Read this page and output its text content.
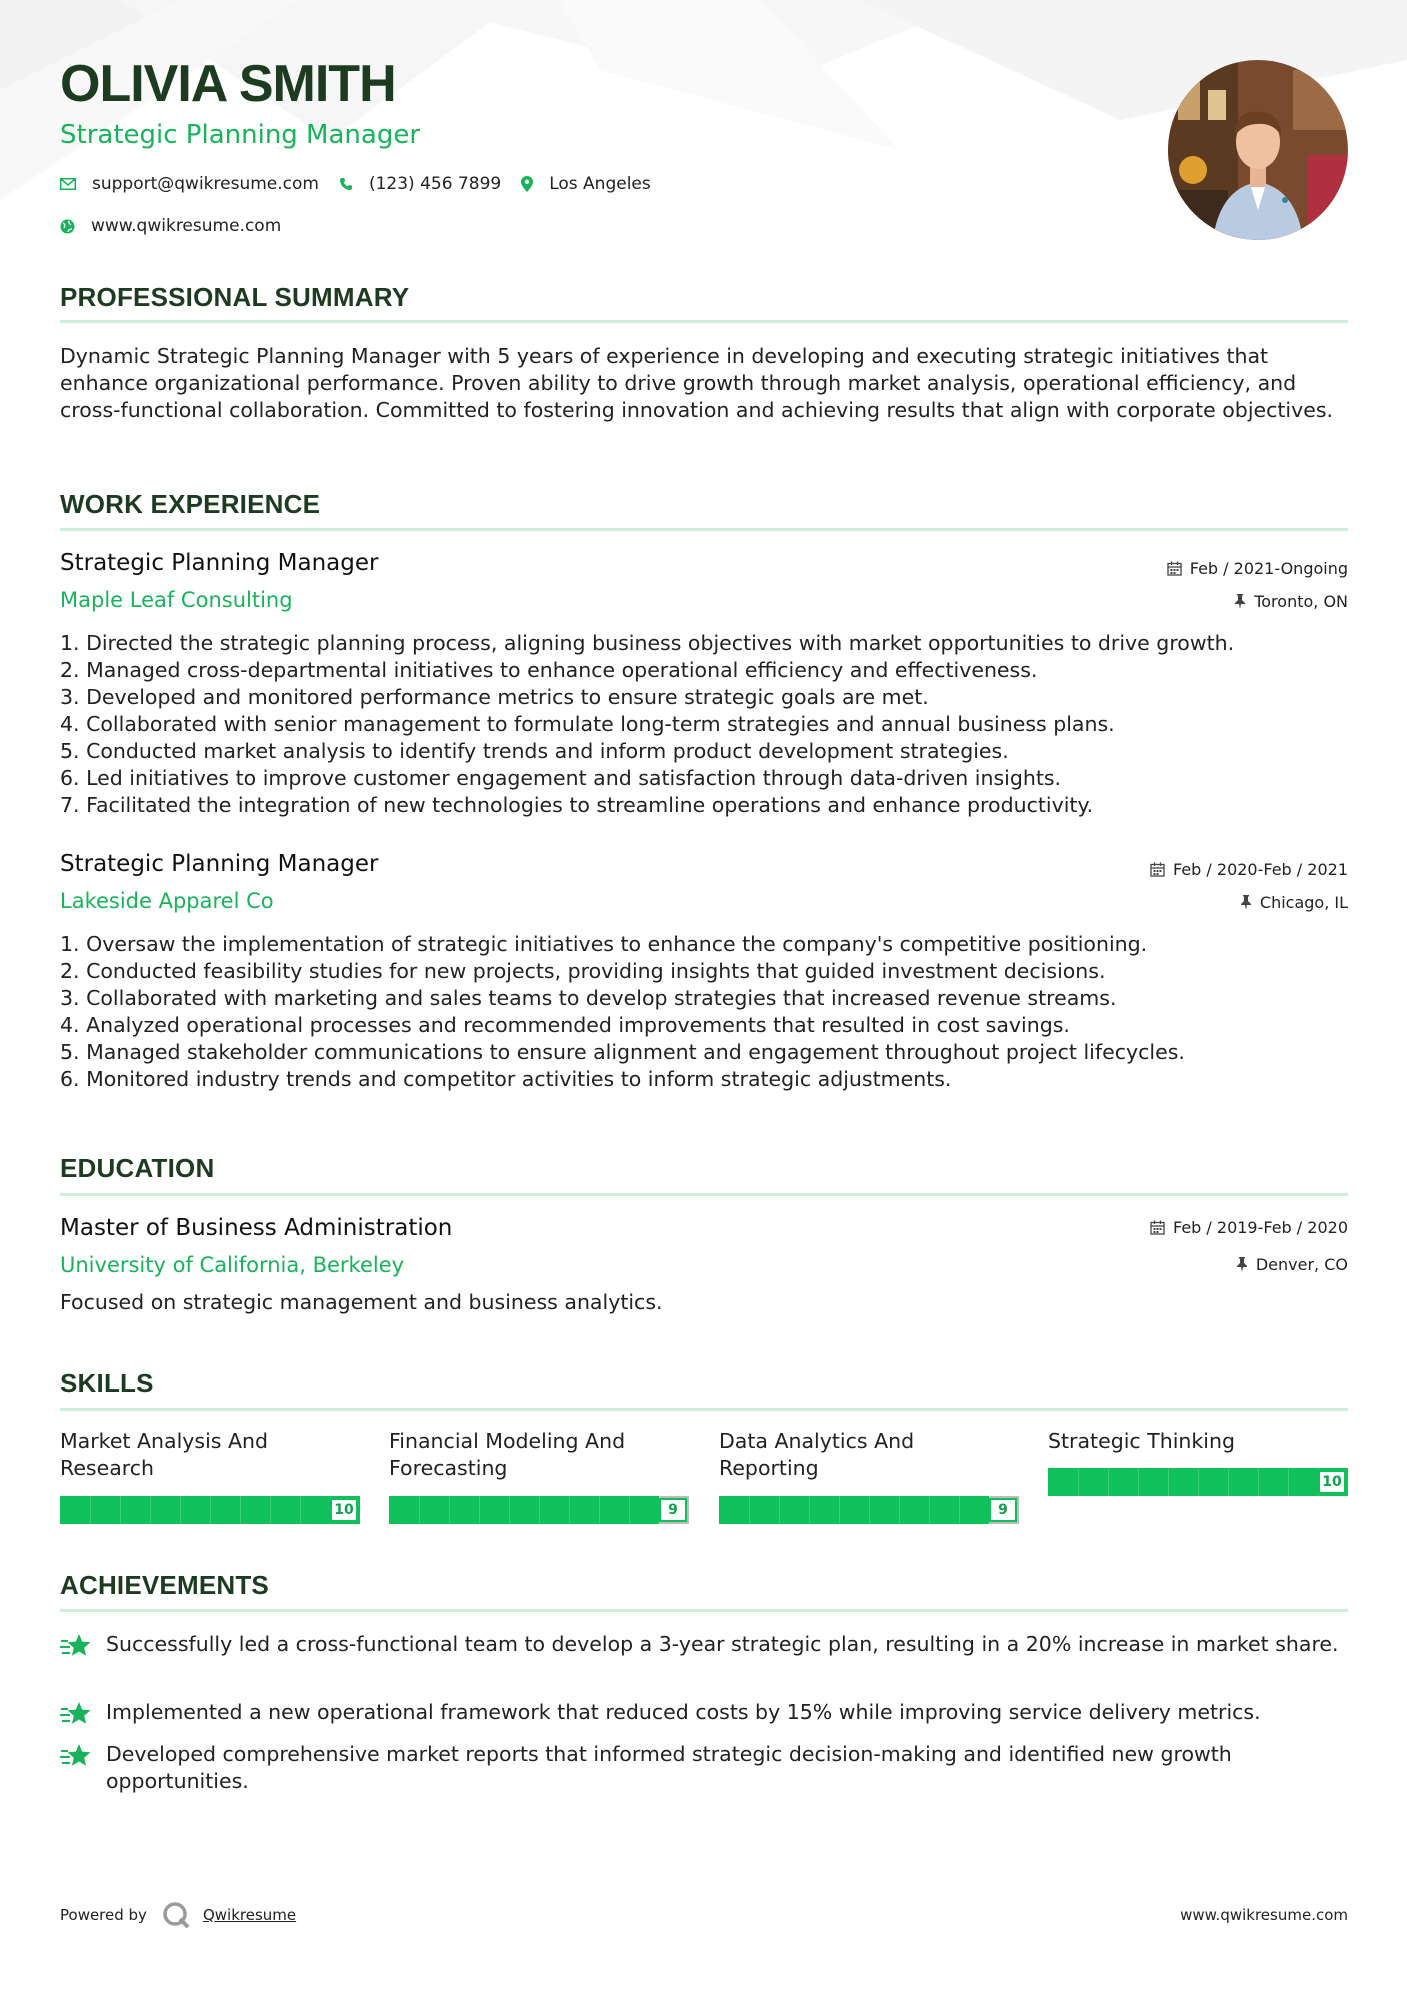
OLIVIA SMITH
Strategic Planning Manager
support@qwikresume.com	(123) 456 7899	Los Angeles
www.qwikresume.com
PROFESSIONAL SUMMARY
Dynamic Strategic Planning Manager with 5 years of experience in developing and executing strategic initiatives that enhance organizational performance. Proven ability to drive growth through market analysis, operational efficiency, and cross-functional collaboration. Committed to fostering innovation and achieving results that align with corporate objectives.
WORK EXPERIENCE
Strategic Planning Manager
Maple Leaf Consulting
Feb / 2021-Ongoing
Toronto, ON
1. Directed the strategic planning process, aligning business objectives with market opportunities to drive growth.
2. Managed cross-departmental initiatives to enhance operational efficiency and effectiveness.
3. Developed and monitored performance metrics to ensure strategic goals are met.
4. Collaborated with senior management to formulate long-term strategies and annual business plans.
5. Conducted market analysis to identify trends and inform product development strategies.
6. Led initiatives to improve customer engagement and satisfaction through data-driven insights.
7. Facilitated the integration of new technologies to streamline operations and enhance productivity.
Strategic Planning Manager
Lakeside Apparel Co
Feb / 2020-Feb / 2021
Chicago, IL
1. Oversaw the implementation of strategic initiatives to enhance the company's competitive positioning.
2. Conducted feasibility studies for new projects, providing insights that guided investment decisions.
3. Collaborated with marketing and sales teams to develop strategies that increased revenue streams.
4. Analyzed operational processes and recommended improvements that resulted in cost savings.
5. Managed stakeholder communications to ensure alignment and engagement throughout project lifecycles.
6. Monitored industry trends and competitor activities to inform strategic adjustments.
EDUCATION
Master of Business Administration
University of California, Berkeley
Feb / 2019-Feb / 2020
Denver, CO
Focused on strategic management and business analytics.
SKILLS
Market Analysis And Research
10
Financial Modeling And Forecasting
9
Data Analytics And Reporting
9
Strategic Thinking
10
ACHIEVEMENTS
Successfully led a cross-functional team to develop a 3-year strategic plan, resulting in a 20% increase in market share.
Implemented a new operational framework that reduced costs by 15% while improving service delivery metrics.
Developed comprehensive market reports that informed strategic decision-making and identified new growth opportunities.
Powered by	Qwikresume	www.qwikresume.com
